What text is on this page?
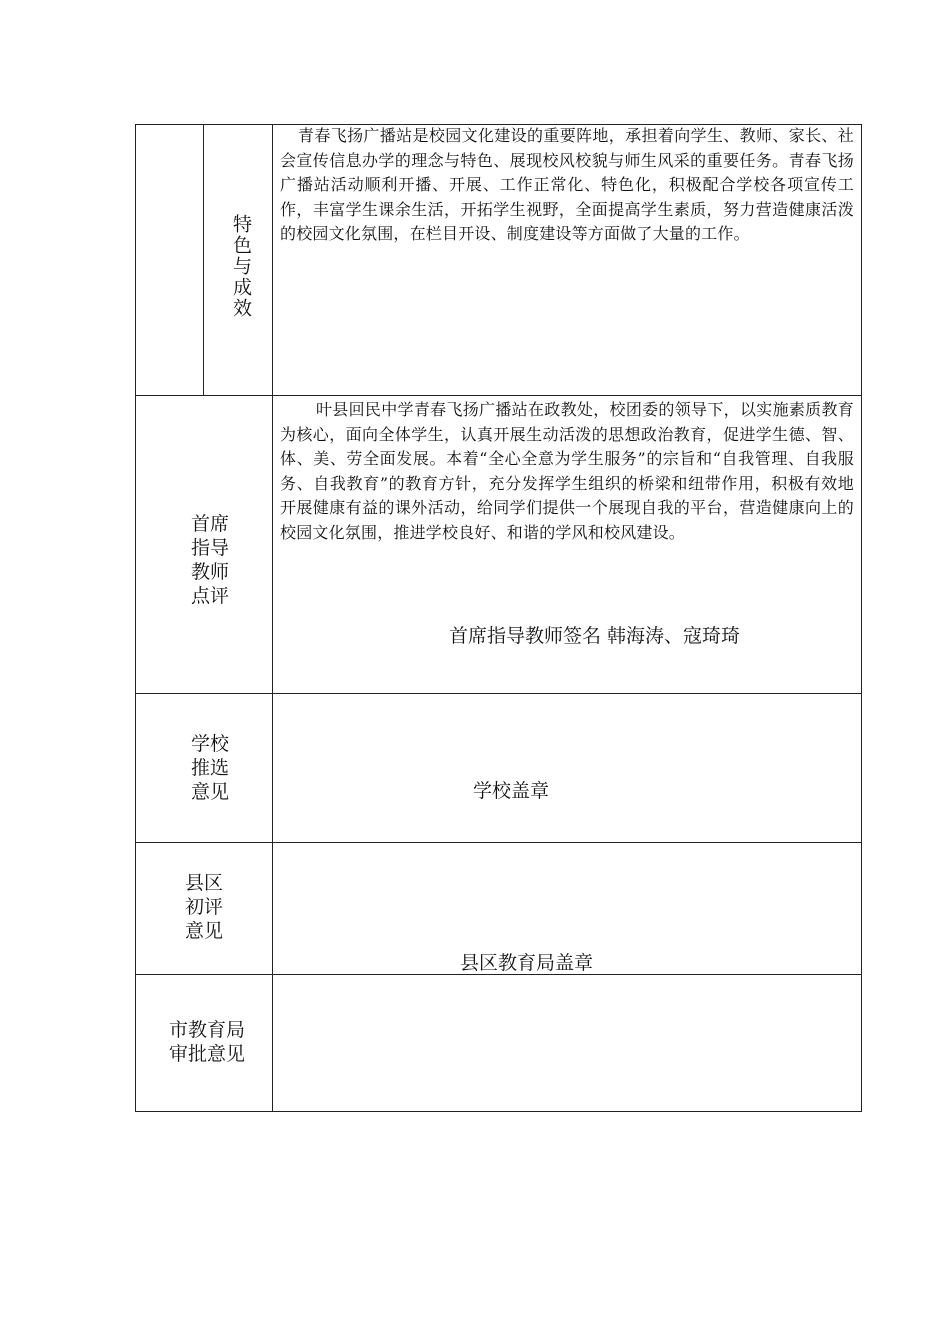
特色与成效

青春飞扬广播站是校园文化建设的重要阵地，承担着向学生、教师、家长、社会宣传信息办学的理念与特色、展现校风校貌与师生风采的重要任务。青春飞扬广播站活动顺利开播、开展、工作正常化、特色化，积极配合学校各项宣传工作，丰富学生课余生活，开拓学生视野，全面提高学生素质，努力营造健康活泼的校园文化氛围，在栏目开设、制度建设等方面做了大量的工作。

首席
指导
教师
点评

叶县回民中学青春飞扬广播站在政教处，校团委的领导下，以实施素质教育为核心，面向全体学生，认真开展生动活泼的思想政治教育，促进学生德、智、体、美、劳全面发展。本着“全心全意为学生服务”的宗旨和“自我管理、自我服务、自我教育”的教育方针，充分发挥学生组织的桥梁和纽带作用，积极有效地开展健康有益的课外活动，给同学们提供一个展现自我的平台，营造健康向上的校园文化氛围，推进学校良好、和谐的学风和校风建设。

首席指导教师签名 韩海涛、寇琦琦
学校
推选
意见	学校盖章
县区
初评
意见
县区教育局盖章
市教育局
审批意见
